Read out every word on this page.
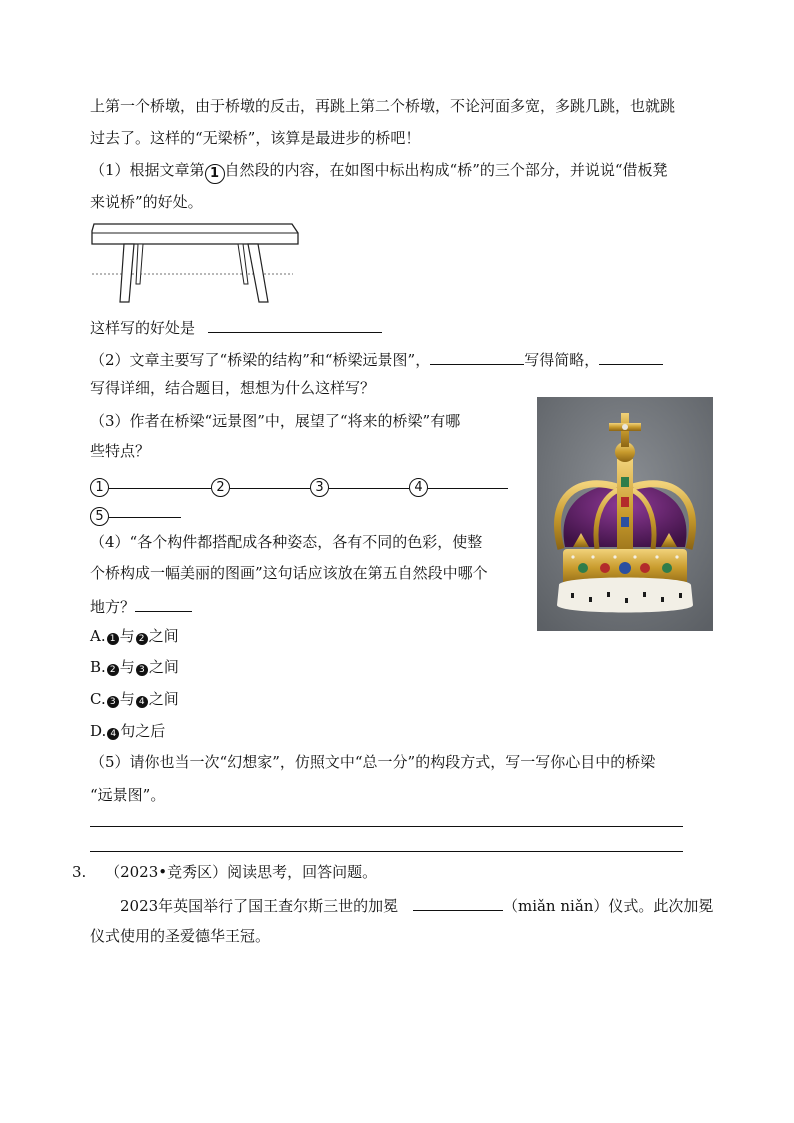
上第一个桥墩，由于桥墩的反击，再跳上第二个桥墩，不论河面多宽，多跳几跳，也就跳
过去了。这样的“无梁桥”，该算是最进步的桥吧！
（1）根据文章第 1 自然段的内容，在如图中标出构成“桥”的三个部分，并说说“借板凳
来说桥”的好处。
这样写的好处是
（2）文章主要写了“桥梁的结构”和“桥梁远景图”，	写得简略，
写得详细，结合题目，想想为什么这样写？
（3）作者在桥梁“远景图”中，展望了“将来的桥梁”有哪
些特点？
1	2	3	4
5
（4）“各个构件都搭配成各种姿态，各有不同的色彩，使整
个桥构成一幅美丽的图画”这句话应该放在第五自然段中哪个
地方？
A. 1 与 2 之间
B. 2 与 3 之间
C. 3 与 4 之间
D. 4 句之后
（5）请你也当一次“幻想家”，仿照文中“总一分”的构段方式，写一写你心目中的桥梁
“远景图”。
3. （2023•竞秀区）阅读思考，回答问题。
2023年英国举行了国王查尔斯三世的加冕	（miǎn niǎn）仪式。此次加冕
仪式使用的圣爱德华王冠。
